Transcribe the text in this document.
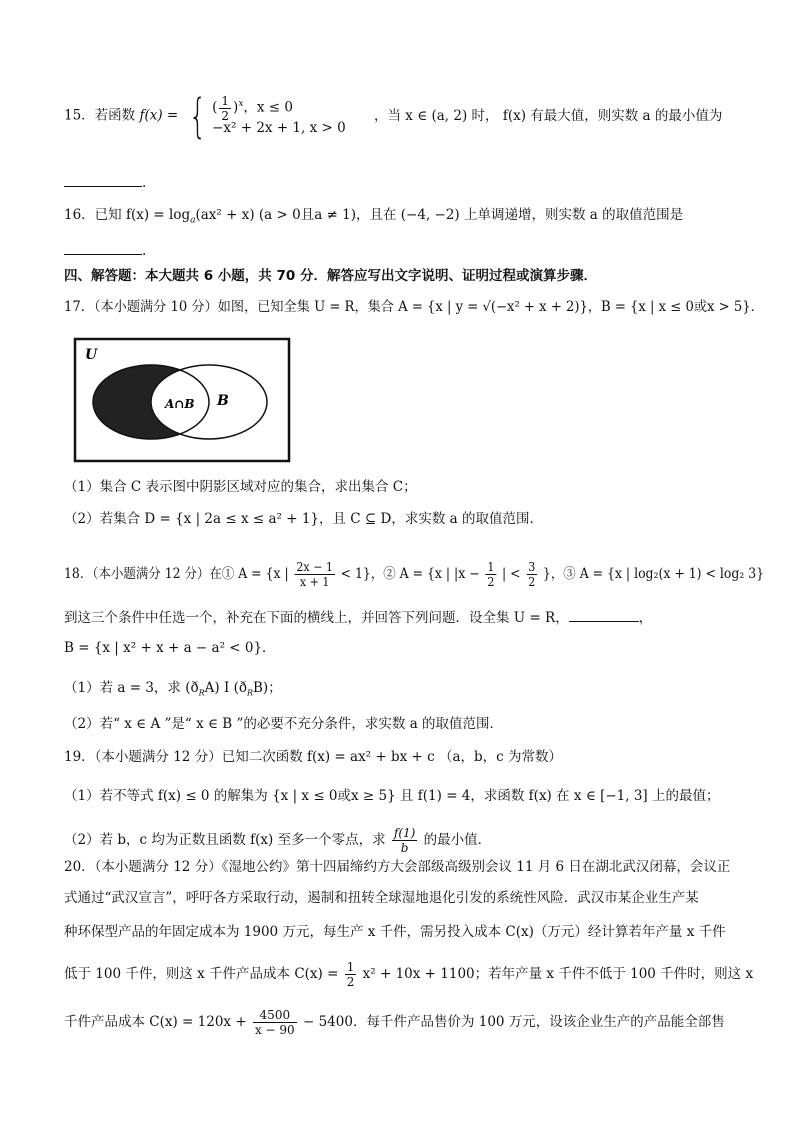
15．若函数 f(x) = { ( $\frac{1}{2} )^x$，x ≤ 0
−x² + 2x + 1, x > 0
，当 x ∈ (a, 2) 时， f(x) 有最大值，则实数 a 的最小值为
.
16．已知 $f(x) = \log_a(ax^2 + x) (a > 0$且a ≠ 1)，且在 (−4, −2) 上单调递增，则实数 a 的取值范围是
.
四、解答题：本大题共 6 小题，共 70 分．解答应写出文字说明、证明过程或演算步骤．
17．（本小题满分 10 分）如图，已知全集 U = R，集合 A = {x | y = √(−x² + x + 2)}，B = {x | x ≤ 0或x > 5}．
U
A∩B B
（1）集合 C 表示图中阴影区域对应的集合，求出集合 C；
（2）若集合 D = {x | 2a ≤ x ≤ a² + 1}，且 C ⊆ D，求实数 a 的取值范围．
18．（本小题满分 12 分）在① A = {x | $\frac{2x - 1}{x + 1} < 1$}，② A = {x | $|x - \frac{1}{2}$ | < $\frac{3}{2}$ }，③ A = {x | log₂(x + 1) < log₂ 3}
到这三个条件中任选一个，补充在下面的横线上，并回答下列问题．设全集 U = R，	，
B = {x | x² + x + a − a² < 0}．
（1）若 a = 3，求 $(ð_RA)$ I $(ð_RB)$；
（2）若“ x ∈ A ”是“ x ∈ B ”的必要不充分条件，求实数 a 的取值范围．
19．（本小题满分 12 分）已知二次函数 f(x) = ax² + bx + c （a，b，c 为常数）
（1）若不等式 f(x) ≤ 0 的解集为 {x | x ≤ 0或x ≥ 5} 且 f(1) = 4，求函数 f(x) 在 x ∈ [−1, 3] 上的最值；
（2）若 b，c 均为正数且函数 f(x) 至多一个零点，求 $\frac{f(1)}{b}$ 的最小值．
20．（本小题满分 12 分）《湿地公约》第十四届缔约方大会部级高级别会议 11 月 6 日在湖北武汉闭幕，会议正
式通过“武汉宣言”，呼吁各方采取行动，遏制和扭转全球湿地退化引发的系统性风险．武汉市某企业生产某
种环保型产品的年固定成本为 1900 万元，每生产 x 千件，需另投入成本 C(x)（万元）经计算若年产量 x 千件
低于 100 千件，则这 x 千件产品成本 $C(x) = \frac{1}{2} x^2 + 10x + 1100$；若年产量 x 千件不低于 100 千件时，则这 x
千件产品成本 $C(x) = 120x + \frac{4500}{x - 90} - 5400$．每千件产品售价为 100 万元，设该企业生产的产品能全部售
